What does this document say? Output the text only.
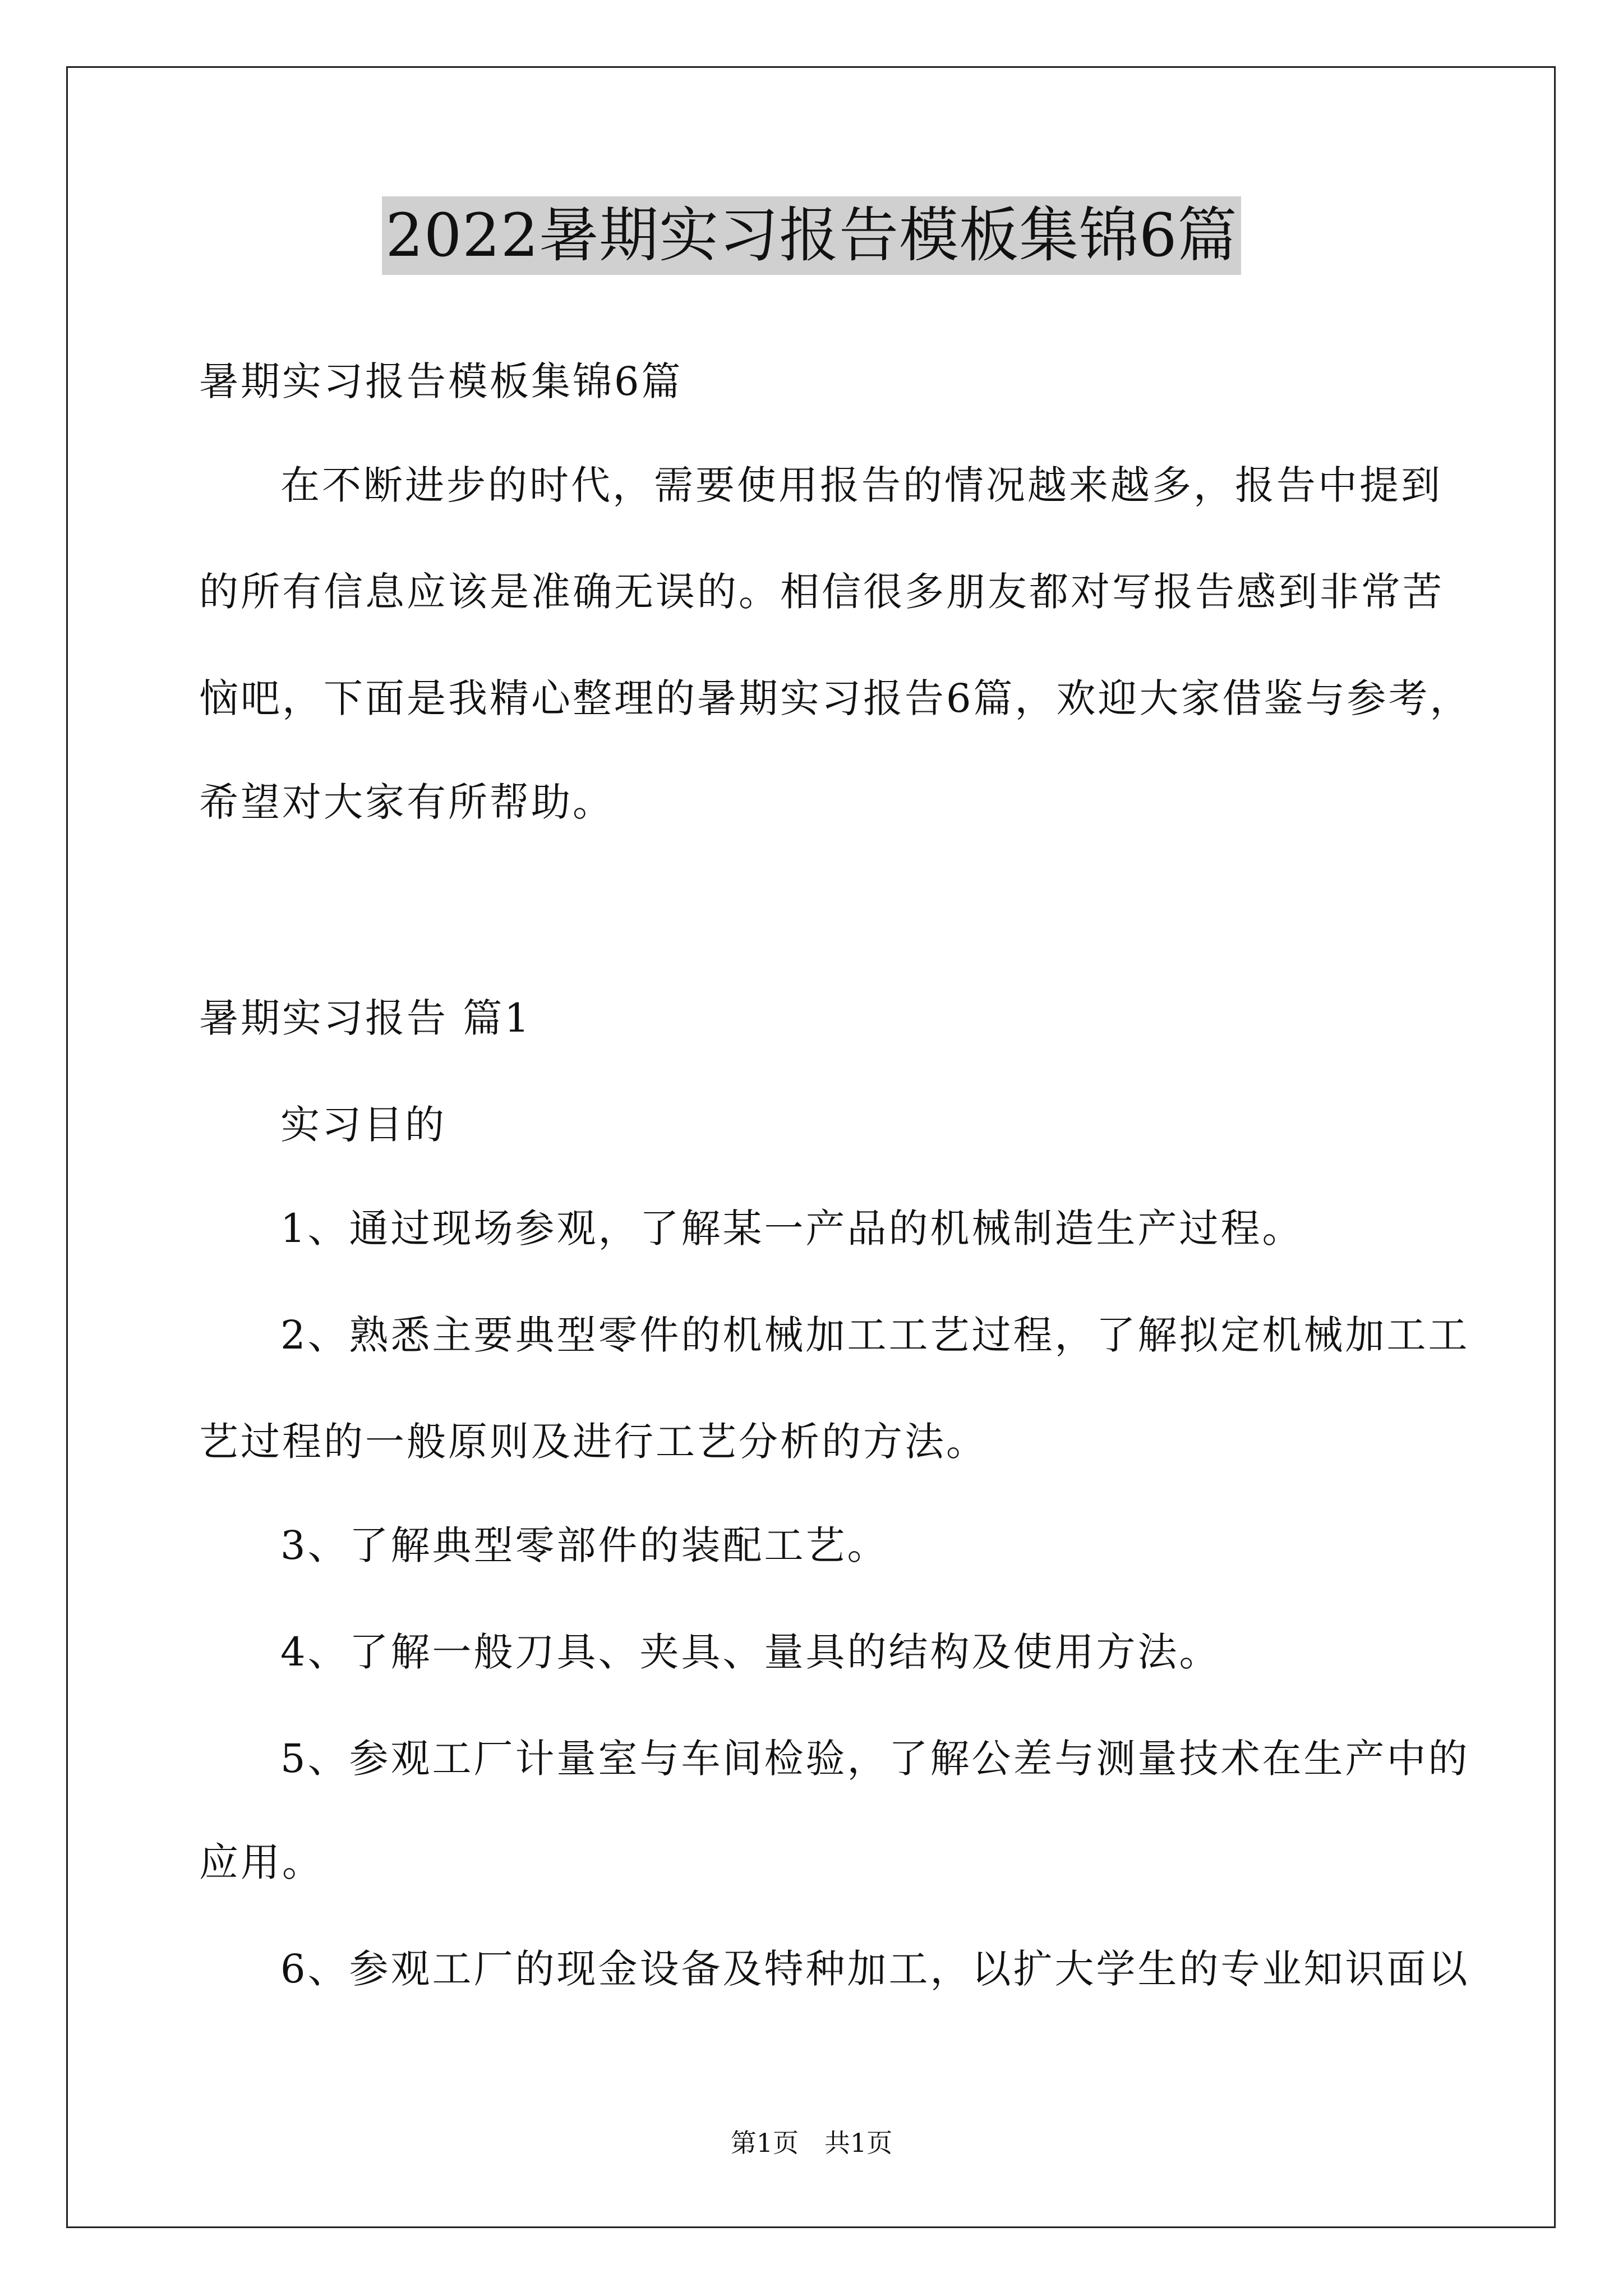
2022暑期实习报告模板集锦6篇
暑期实习报告模板集锦6篇
在不断进步的时代，需要使用报告的情况越来越多，报告中提到
的所有信息应该是准确无误的。相信很多朋友都对写报告感到非常苦
恼吧，下面是我精心整理的暑期实习报告6篇，欢迎大家借鉴与参考，
希望对大家有所帮助。
暑期实习报告 篇1
实习目的
1、通过现场参观，了解某一产品的机械制造生产过程。
2、熟悉主要典型零件的机械加工工艺过程，了解拟定机械加工工
艺过程的一般原则及进行工艺分析的方法。
3、了解典型零部件的装配工艺。
4、了解一般刀具、夹具、量具的结构及使用方法。
5、参观工厂计量室与车间检验，了解公差与测量技术在生产中的
应用。
6、参观工厂的现金设备及特种加工，以扩大学生的专业知识面以
第1页　共1页
